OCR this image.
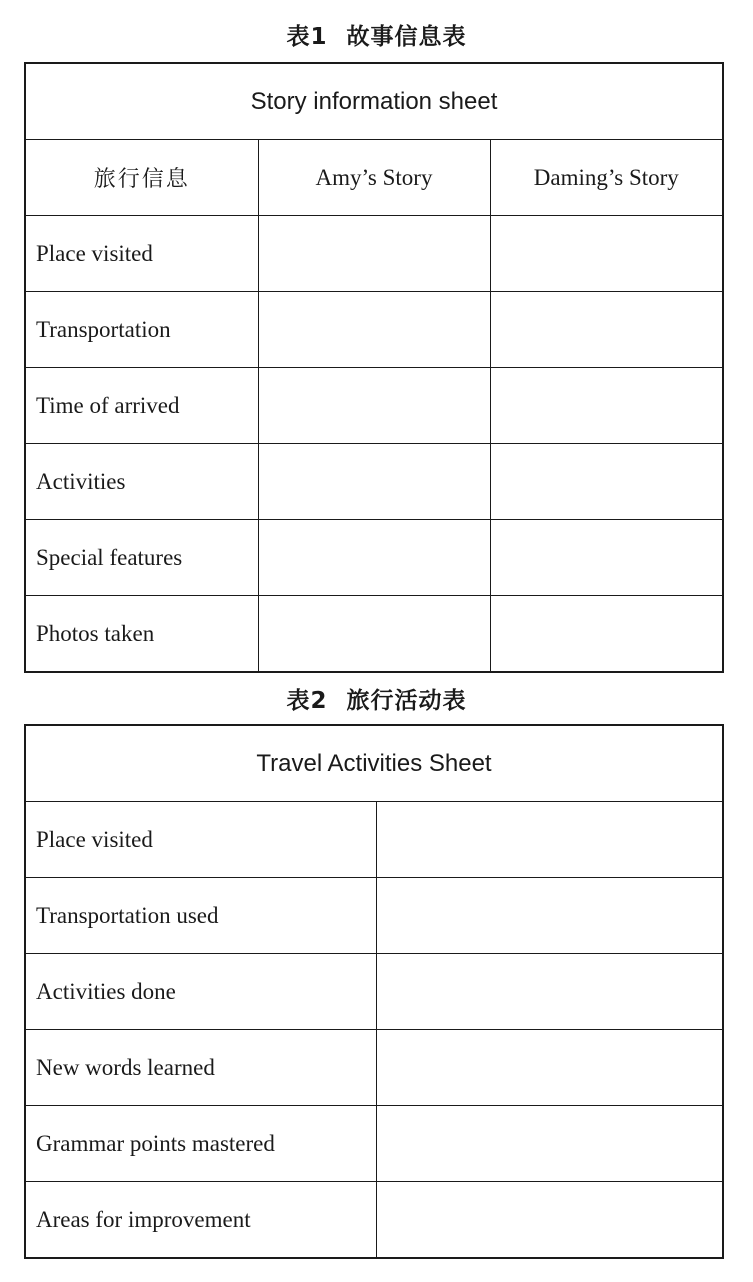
表1 故事信息表
Story information sheet		
旅行信息	Amy’s Story	Daming’s Story
Place visited		
Transportation		
Time of arrived		
Activities		
Special features		
Photos taken		
表2 旅行活动表
Travel Activities Sheet	
Place visited	
Transportation used	
Activities done	
New words learned	
Grammar points mastered	
Areas for improvement	
